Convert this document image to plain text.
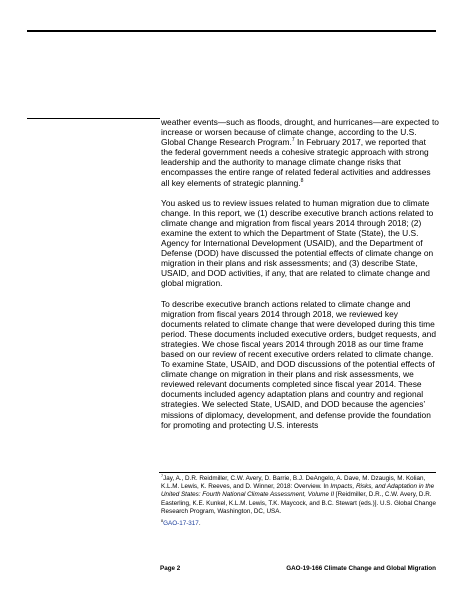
weather events—such as floods, drought, and hurricanes—are expected to increase or worsen because of climate change, according to the U.S. Global Change Research Program.$^7$ In February 2017, we reported that the federal government needs a cohesive strategic approach with strong leadership and the authority to manage climate change risks that encompasses the entire range of related federal activities and addresses all key elements of strategic planning.$^8$

You asked us to review issues related to human migration due to climate change. In this report, we (1) describe executive branch actions related to climate change and migration from fiscal years 2014 through 2018; (2) examine the extent to which the Department of State (State), the U.S. Agency for International Development (USAID), and the Department of Defense (DOD) have discussed the potential effects of climate change on migration in their plans and risk assessments; and (3) describe State, USAID, and DOD activities, if any, that are related to climate change and global migration.

To describe executive branch actions related to climate change and migration from fiscal years 2014 through 2018, we reviewed key documents related to climate change that were developed during this time period. These documents included executive orders, budget requests, and strategies. We chose fiscal years 2014 through 2018 as our time frame based on our review of recent executive orders related to climate change. To examine State, USAID, and DOD discussions of the potential effects of climate change on migration in their plans and risk assessments, we reviewed relevant documents completed since fiscal year 2014. These documents included agency adaptation plans and country and regional strategies. We selected State, USAID, and DOD because the agencies’ missions of diplomacy, development, and defense provide the foundation for promoting and protecting U.S. interests

$^7$Jay, A., D.R. Reidmiller, C.W. Avery, D. Barrie, B.J. DeAngelo, A. Dave, M. Dzaugis, M. Kolian, K.L.M. Lewis, K. Reeves, and D. Winner, 2018: Overview. In Impacts, Risks, and Adaptation in the United States: Fourth National Climate Assessment, Volume II [Reidmiller, D.R., C.W. Avery, D.R. Easterling, K.E. Kunkel, K.L.M. Lewis, T.K. Maycock, and B.C. Stewart (eds.)]. U.S. Global Change Research Program, Washington, DC, USA.

$^8$GAO-17-317.

Page 2	GAO-19-166 Climate Change and Global Migration
